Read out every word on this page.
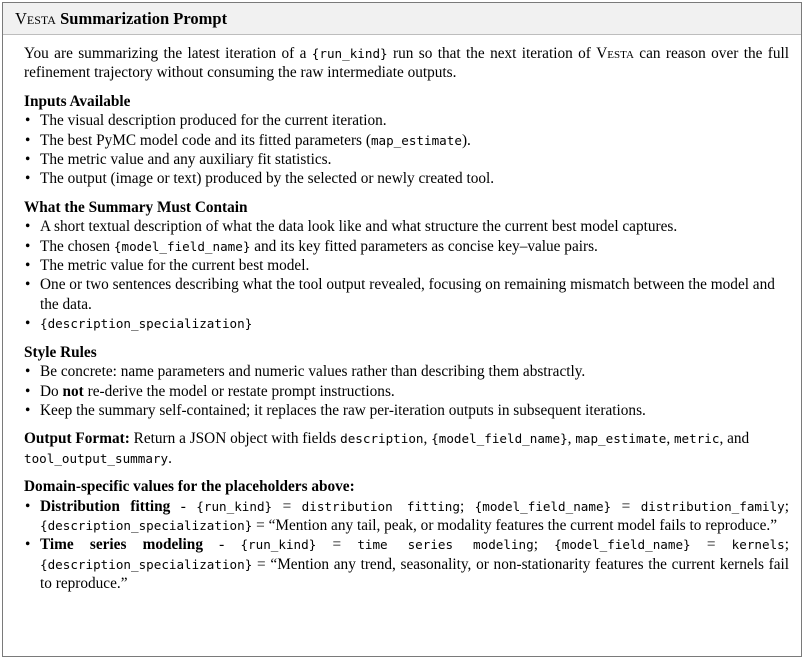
Vesta Summarization Prompt

You are summarizing the latest iteration of a {run_kind} run so that the next iteration of Vesta can reason over the full refinement trajectory without consuming the raw intermediate outputs.

Inputs Available
• The visual description produced for the current iteration.
• The best PyMC model code and its fitted parameters (map_estimate).
• The metric value and any auxiliary fit statistics.
• The output (image or text) produced by the selected or newly created tool.
What the Summary Must Contain
• A short textual description of what the data look like and what structure the current best model captures.
• The chosen {model_field_name} and its key fitted parameters as concise key–value pairs.
• The metric value for the current best model.
• One or two sentences describing what the tool output revealed, focusing on remaining mismatch between the model and the data.
• {description_specialization}
Style Rules
• Be concrete: name parameters and numeric values rather than describing them abstractly.
• Do not re-derive the model or restate prompt instructions.
• Keep the summary self-contained; it replaces the raw per-iteration outputs in subsequent iterations.

Output Format: Return a JSON object with fields description, {model_field_name}, map_estimate, metric, and tool_output_summary.

Domain-specific values for the placeholders above:
• Distribution fitting - {run_kind} = distribution fitting; {model_field_name} = distribution_family; {description_specialization} = “Mention any tail, peak, or modality features the current model fails to reproduce.”
• Time series modeling - {run_kind} = time series modeling; {model_field_name} = kernels; {description_specialization} = “Mention any trend, seasonality, or non-stationarity features the current kernels fail to reproduce.”
